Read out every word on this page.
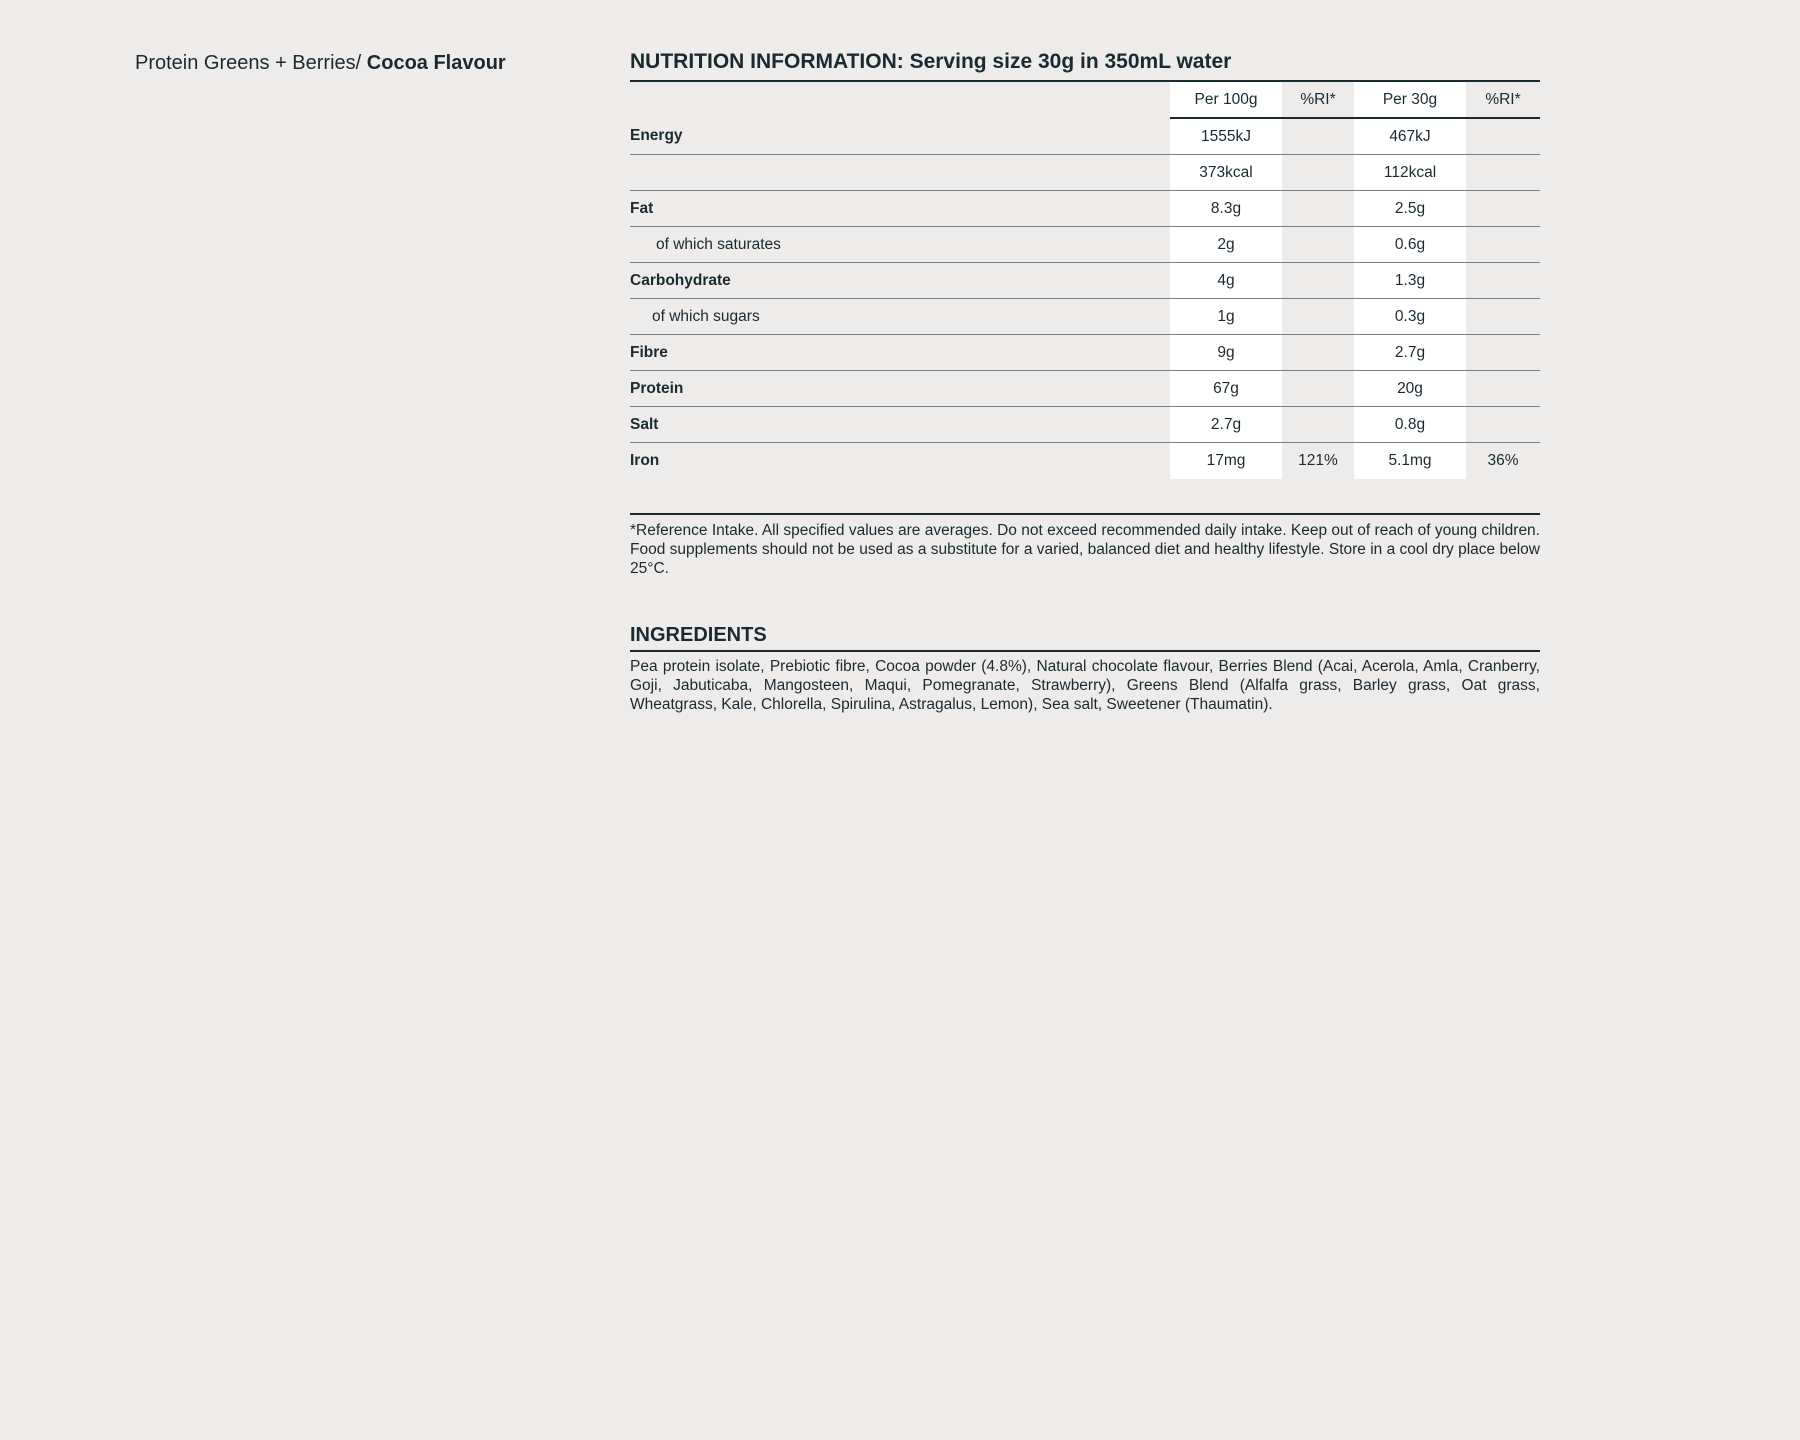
Protein Greens + Berries/ Cocoa Flavour	NUTRITION INFORMATION: Serving size 30g in 350mL water
	Per 100g	%RI*	Per 30g	%RI*
Energy	1555kJ		467kJ	
	373kcal		112kcal	
Fat	8.3g		2.5g	
of which saturates	2g		0.6g	
Carbohydrate	4g		1.3g	
of which sugars	1g		0.3g	
Fibre	9g		2.7g	
Protein	67g		20g	
Salt	2.7g		0.8g	
Iron	17mg	121%	5.1mg	36%
*Reference Intake. All specified values are averages. Do not exceed recommended daily intake. Keep out of reach of young children. Food supplements should not be used as a substitute for a varied, balanced diet and healthy lifestyle. Store in a cool dry place below 25°C.
INGREDIENTS
Pea protein isolate, Prebiotic fibre, Cocoa powder (4.8%), Natural chocolate flavour, Berries Blend (Acai, Acerola, Amla, Cranberry, Goji, Jabuticaba, Mangosteen, Maqui, Pomegranate, Strawberry), Greens Blend (Alfalfa grass, Barley grass, Oat grass, Wheatgrass, Kale, Chlorella, Spirulina, Astragalus, Lemon), Sea salt, Sweetener (Thaumatin).
